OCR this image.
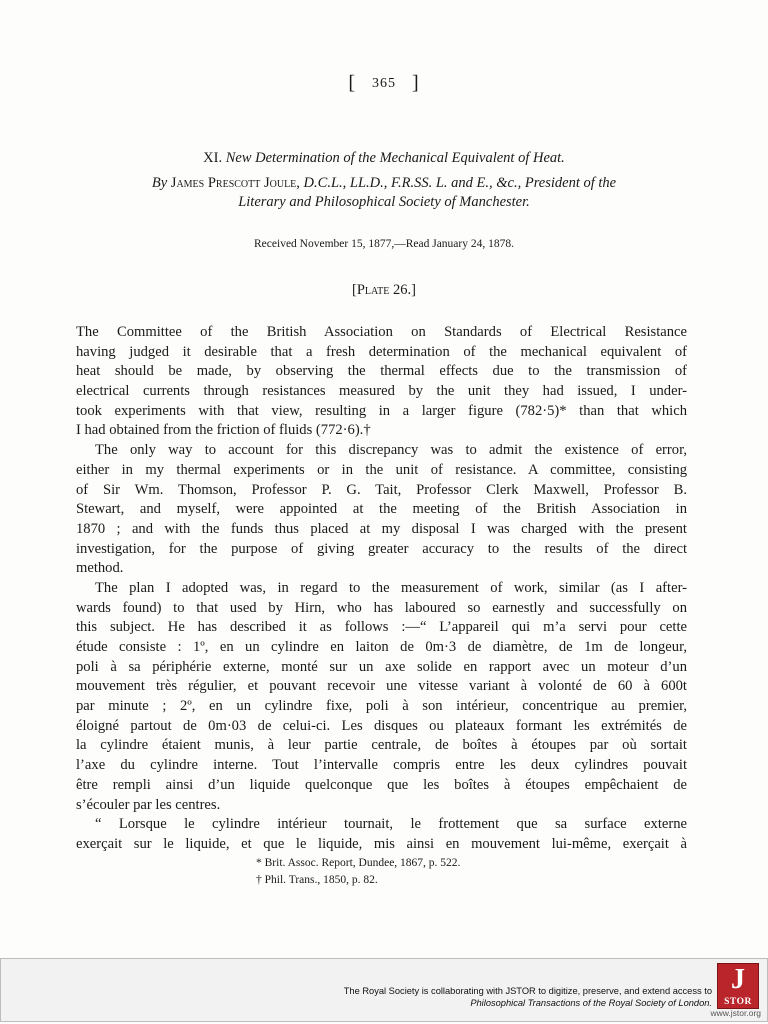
[ 365 ]
XI. New Determination of the Mechanical Equivalent of Heat.
By James Prescott Joule, D.C.L., LL.D., F.R.SS. L. and E., &c., President of the
Literary and Philosophical Society of Manchester.
Received November 15, 1877,—Read January 24, 1878.
[Plate 26.]
The Committee of the British Association on Standards of Electrical Resistance
having judged it desirable that a fresh determination of the mechanical equivalent of
heat should be made, by observing the thermal effects due to the transmission of
electrical currents through resistances measured by the unit they had issued, I under-
took experiments with that view, resulting in a larger figure (782·5)* than that which
I had obtained from the friction of fluids (772·6).†
The only way to account for this discrepancy was to admit the existence of error,
either in my thermal experiments or in the unit of resistance. A committee, consisting
of Sir Wm. Thomson, Professor P. G. Tait, Professor Clerk Maxwell, Professor B.
Stewart, and myself, were appointed at the meeting of the British Association in
1870 ; and with the funds thus placed at my disposal I was charged with the present
investigation, for the purpose of giving greater accuracy to the results of the direct
method.
The plan I adopted was, in regard to the measurement of work, similar (as I after-
wards found) to that used by Hirn, who has laboured so earnestly and successfully on
this subject. He has described it as follows :—“ L’appareil qui m’a servi pour cette
étude consiste : 1º, en un cylindre en laiton de 0m·3 de diamètre, de 1m de longeur,
poli à sa périphérie externe, monté sur un axe solide en rapport avec un moteur d’un
mouvement très régulier, et pouvant recevoir une vitesse variant à volonté de 60 à 600t
par minute ; 2º, en un cylindre fixe, poli à son intérieur, concentrique au premier,
éloigné partout de 0m·03 de celui-ci. Les disques ou plateaux formant les extrémités de
la cylindre étaient munis, à leur partie centrale, de boîtes à étoupes par où sortait
l’axe du cylindre interne. Tout l’intervalle compris entre les deux cylindres pouvait
être rempli ainsi d’un liquide quelconque que les boîtes à étoupes empêchaient de
s’écouler par les centres.
“ Lorsque le cylindre intérieur tournait, le frottement que sa surface externe
exerçait sur le liquide, et que le liquide, mis ainsi en mouvement lui-même, exerçait à
* Brit. Assoc. Report, Dundee, 1867, p. 522.
† Phil. Trans., 1850, p. 82.
The Royal Society is collaborating with JSTOR to digitize, preserve, and extend access to
Philosophical Transactions of the Royal Society of London.
J
STOR
www.jstor.org
